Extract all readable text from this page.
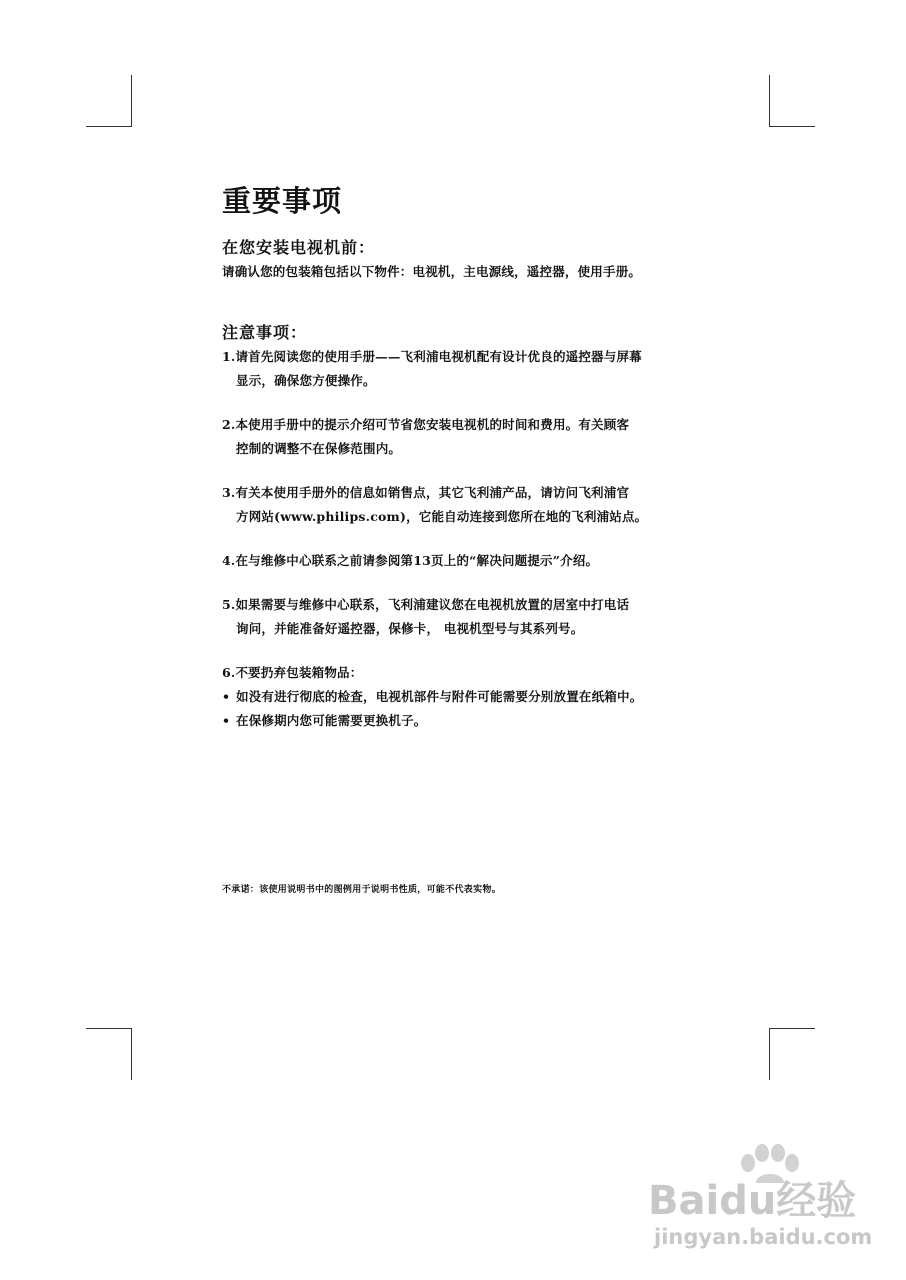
重要事项
在您安装电视机前：
请确认您的包装箱包括以下物件：电视机，主电源线，遥控器，使用手册。
注意事项：
1.请首先阅读您的使用手册——飞利浦电视机配有设计优良的遥控器与屏幕
显示，确保您方便操作。
2.本使用手册中的提示介绍可节省您安装电视机的时间和费用。有关顾客
控制的调整不在保修范围内。
3.有关本使用手册外的信息如销售点，其它飞利浦产品，请访问飞利浦官
方网站(www.philips.com)，它能自动连接到您所在地的飞利浦站点。
4.在与维修中心联系之前请参阅第13页上的“解决问题提示”介绍。
5.如果需要与维修中心联系，飞利浦建议您在电视机放置的居室中打电话
询问，并能准备好遥控器，保修卡， 电视机型号与其系列号。
6.不要扔弃包装箱物品：
• 如没有进行彻底的检查，电视机部件与附件可能需要分别放置在纸箱中。
• 在保修期内您可能需要更换机子。
不承诺：该使用说明书中的图例用于说明书性质，可能不代表实物。
Baidu经验
jingyan.baidu.com
